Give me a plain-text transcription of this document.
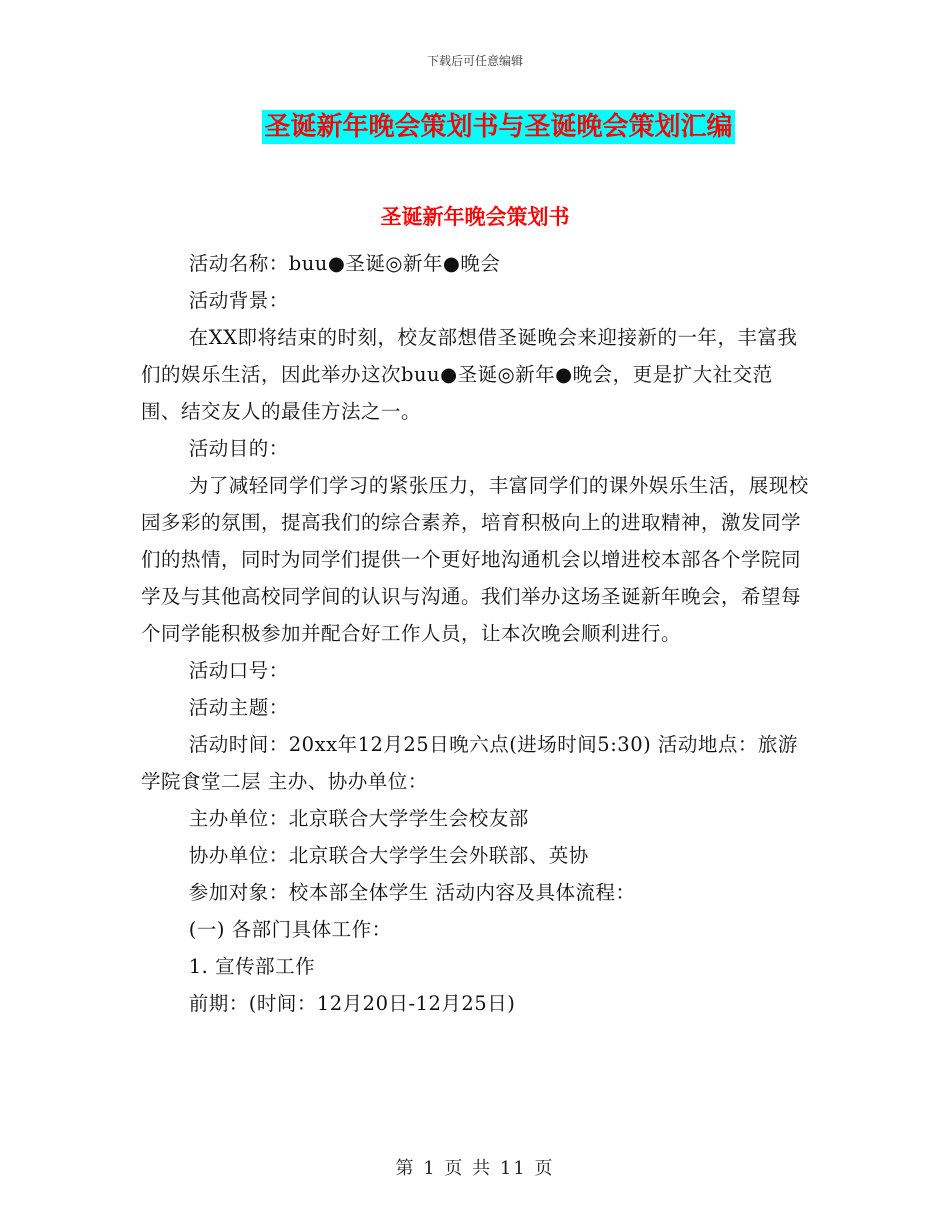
下载后可任意编辑
圣诞新年晚会策划书与圣诞晚会策划汇编
圣诞新年晚会策划书

活动名称：buu●圣诞◎新年●晚会

活动背景：

在XX即将结束的时刻，校友部想借圣诞晚会来迎接新的一年，丰富我们的娱乐生活，因此举办这次buu●圣诞◎新年●晚会，更是扩大社交范围、结交友人的最佳方法之一。

活动目的：

为了减轻同学们学习的紧张压力，丰富同学们的课外娱乐生活，展现校园多彩的氛围，提高我们的综合素养，培育积极向上的进取精神，激发同学们的热情，同时为同学们提供一个更好地沟通机会以增进校本部各个学院同学及与其他高校同学间的认识与沟通。我们举办这场圣诞新年晚会，希望每个同学能积极参加并配合好工作人员，让本次晚会顺利进行。

活动口号：

活动主题：

活动时间：20xx年12月25日晚六点(进场时间5:30) 活动地点：旅游学院食堂二层 主办、协办单位：

主办单位：北京联合大学学生会校友部

协办单位：北京联合大学学生会外联部、英协

参加对象：校本部全体学生 活动内容及具体流程：

(一) 各部门具体工作：

1. 宣传部工作

前期：(时间：12月20日-12月25日)

第 1 页 共 11 页
